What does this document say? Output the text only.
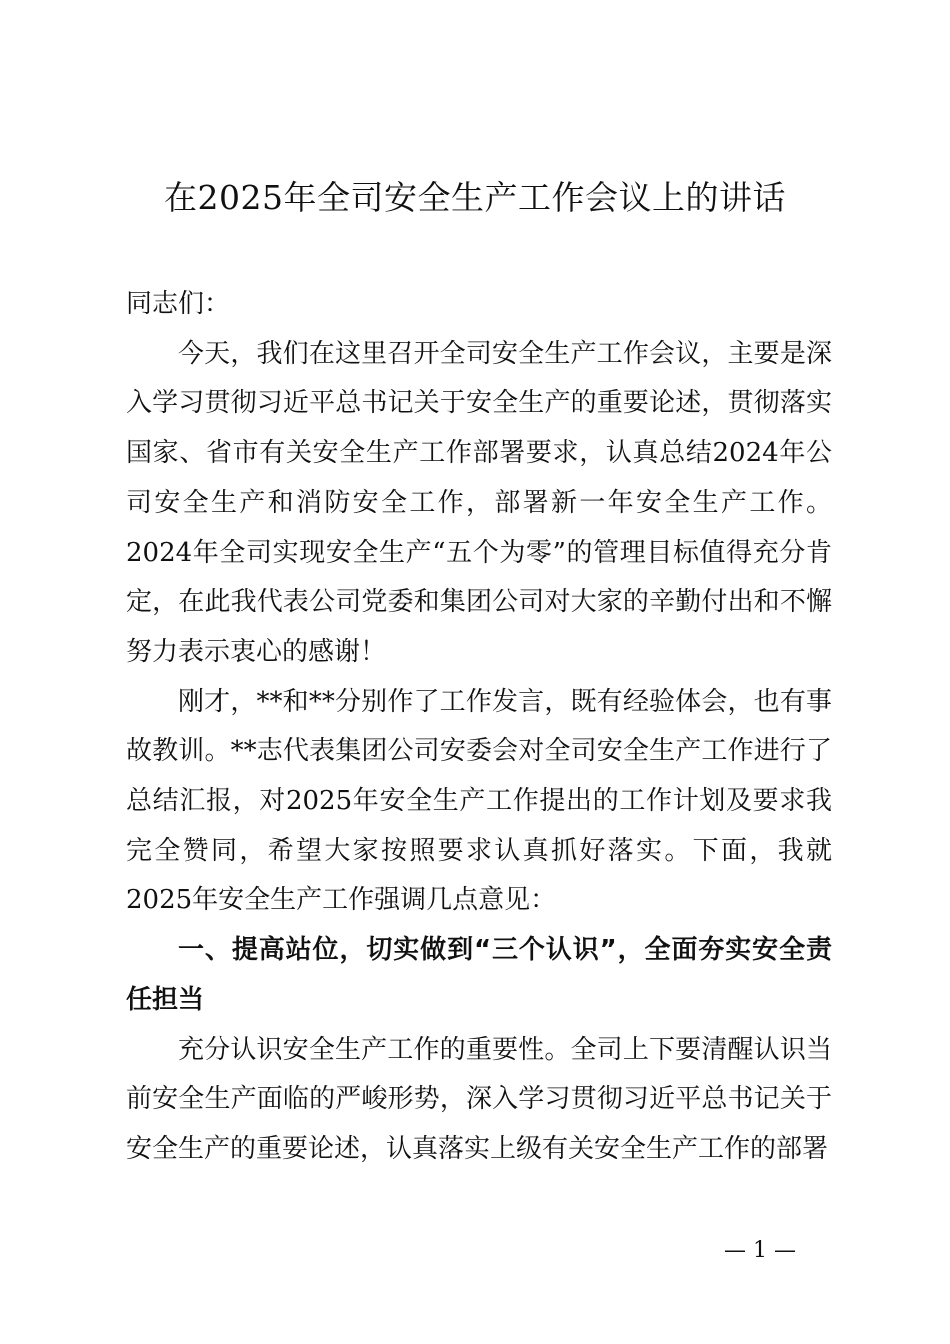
在2025年全司安全生产工作会议上的讲话

同志们：

今天，我们在这里召开全司安全生产工作会议，主要是深入学习贯彻习近平总书记关于安全生产的重要论述，贯彻落实国家、省市有关安全生产工作部署要求，认真总结2024年公司安全生产和消防安全工作，部署新一年安全生产工作。2024年全司实现安全生产“五个为零”的管理目标值得充分肯定，在此我代表公司党委和集团公司对大家的辛勤付出和不懈努力表示衷心的感谢！

刚才，**和**分别作了工作发言，既有经验体会，也有事故教训。**志代表集团公司安委会对全司安全生产工作进行了总结汇报，对2025年安全生产工作提出的工作计划及要求我完全赞同，希望大家按照要求认真抓好落实。下面，我就2025年安全生产工作强调几点意见：

一、提高站位，切实做到“三个认识”，全面夯实安全责任担当

充分认识安全生产工作的重要性。全司上下要清醒认识当前安全生产面临的严峻形势，深入学习贯彻习近平总书记关于安全生产的重要论述，认真落实上级有关安全生产工作的部署

— 1 —
